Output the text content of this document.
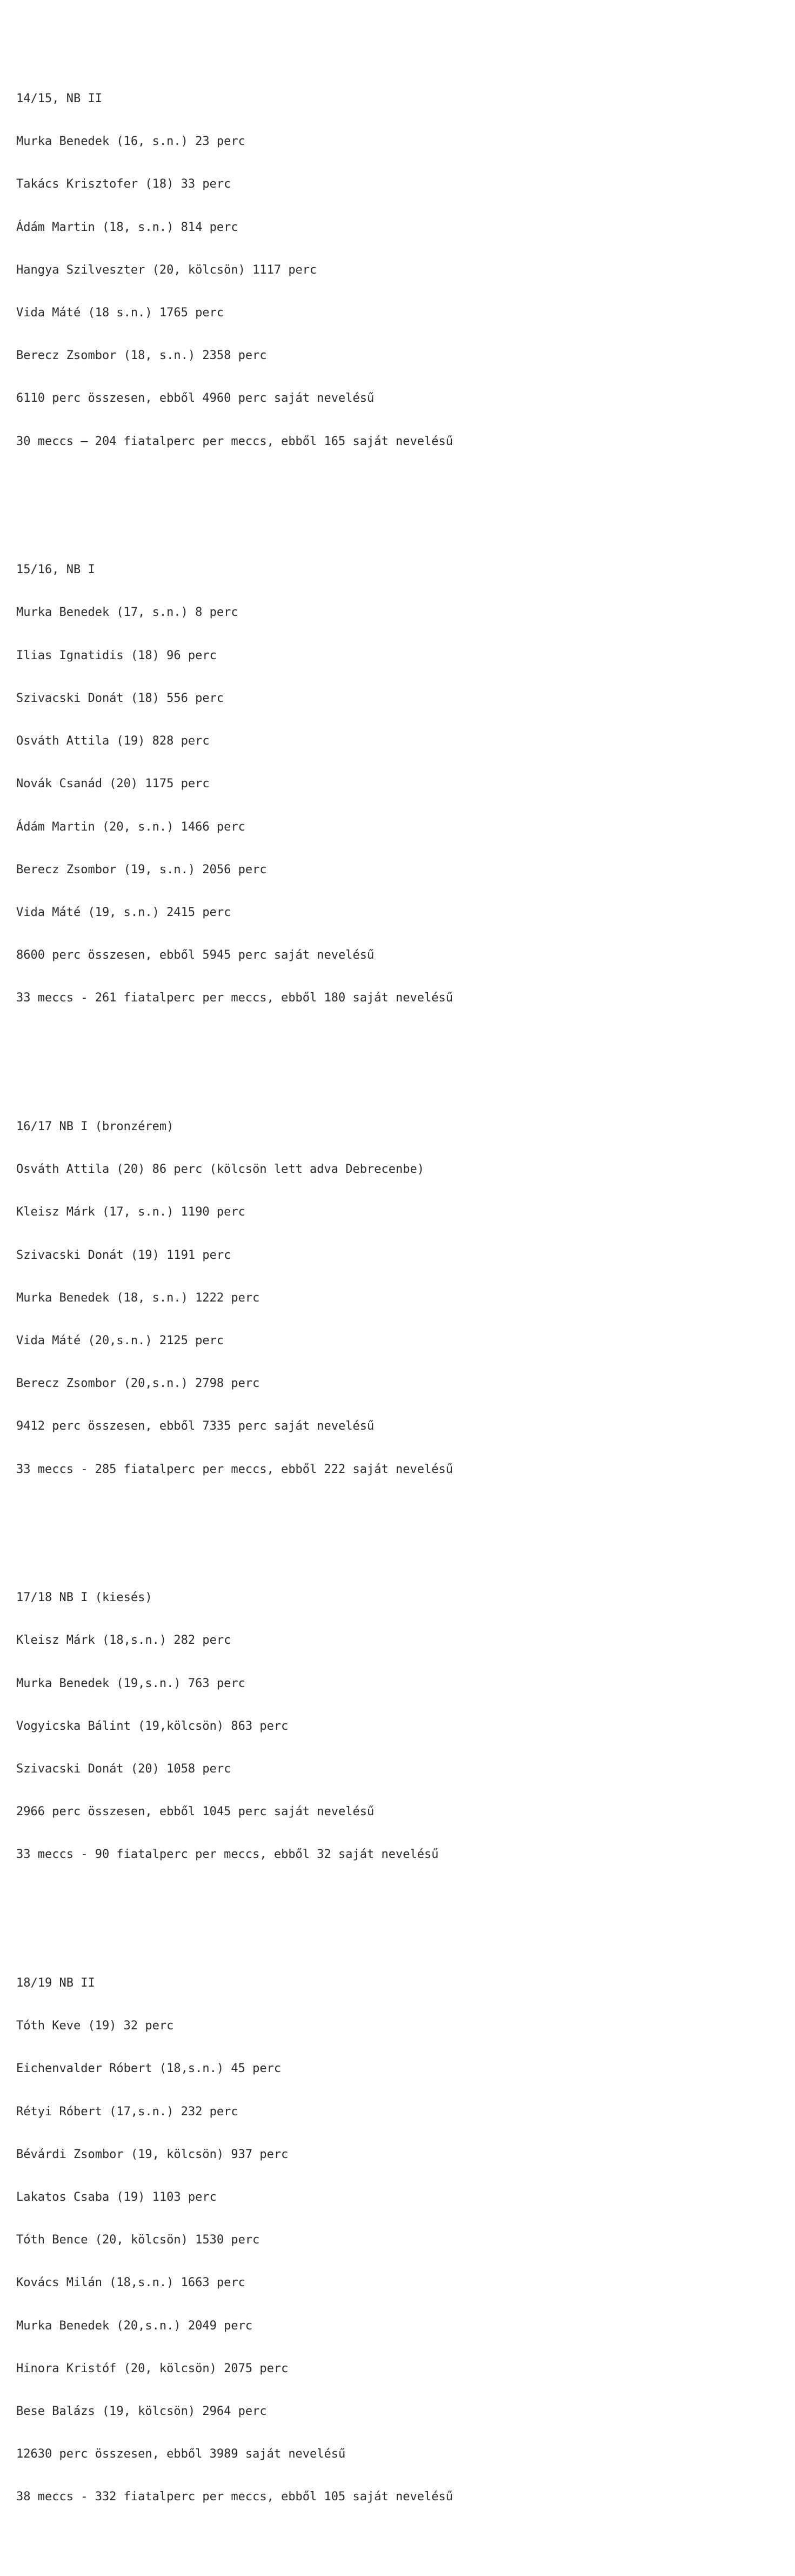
14/15, NB II

Murka Benedek (16, s.n.) 23 perc

Takács Krisztofer (18) 33 perc

Ádám Martin (18, s.n.) 814 perc

Hangya Szilveszter (20, kölcsön) 1117 perc

Vida Máté (18 s.n.) 1765 perc

Berecz Zsombor (18, s.n.) 2358 perc

6110 perc összesen, ebből 4960 perc saját nevelésű

30 meccs – 204 fiatalperc per meccs, ebből 165 saját nevelésű

15/16, NB I

Murka Benedek (17, s.n.) 8 perc

Ilias Ignatidis (18) 96 perc

Szivacski Donát (18) 556 perc

Osváth Attila (19) 828 perc

Novák Csanád (20) 1175 perc

Ádám Martin (20, s.n.) 1466 perc

Berecz Zsombor (19, s.n.) 2056 perc

Vida Máté (19, s.n.) 2415 perc

8600 perc összesen, ebből 5945 perc saját nevelésű

33 meccs - 261 fiatalperc per meccs, ebből 180 saját nevelésű

16/17 NB I (bronzérem)

Osváth Attila (20) 86 perc (kölcsön lett adva Debrecenbe)

Kleisz Márk (17, s.n.) 1190 perc

Szivacski Donát (19) 1191 perc

Murka Benedek (18, s.n.) 1222 perc

Vida Máté (20,s.n.) 2125 perc

Berecz Zsombor (20,s.n.) 2798 perc

9412 perc összesen, ebből 7335 perc saját nevelésű

33 meccs - 285 fiatalperc per meccs, ebből 222 saját nevelésű

17/18 NB I (kiesés)

Kleisz Márk (18,s.n.) 282 perc

Murka Benedek (19,s.n.) 763 perc

Vogyicska Bálint (19,kölcsön) 863 perc

Szivacski Donát (20) 1058 perc

2966 perc összesen, ebből 1045 perc saját nevelésű

33 meccs - 90 fiatalperc per meccs, ebből 32 saját nevelésű

18/19 NB II

Tóth Keve (19) 32 perc

Eichenvalder Róbert (18,s.n.) 45 perc

Rétyi Róbert (17,s.n.) 232 perc

Bévárdi Zsombor (19, kölcsön) 937 perc

Lakatos Csaba (19) 1103 perc

Tóth Bence (20, kölcsön) 1530 perc

Kovács Milán (18,s.n.) 1663 perc

Murka Benedek (20,s.n.) 2049 perc

Hinora Kristóf (20, kölcsön) 2075 perc

Bese Balázs (19, kölcsön) 2964 perc

12630 perc összesen, ebből 3989 saját nevelésű

38 meccs - 332 fiatalperc per meccs, ebből 105 saját nevelésű
